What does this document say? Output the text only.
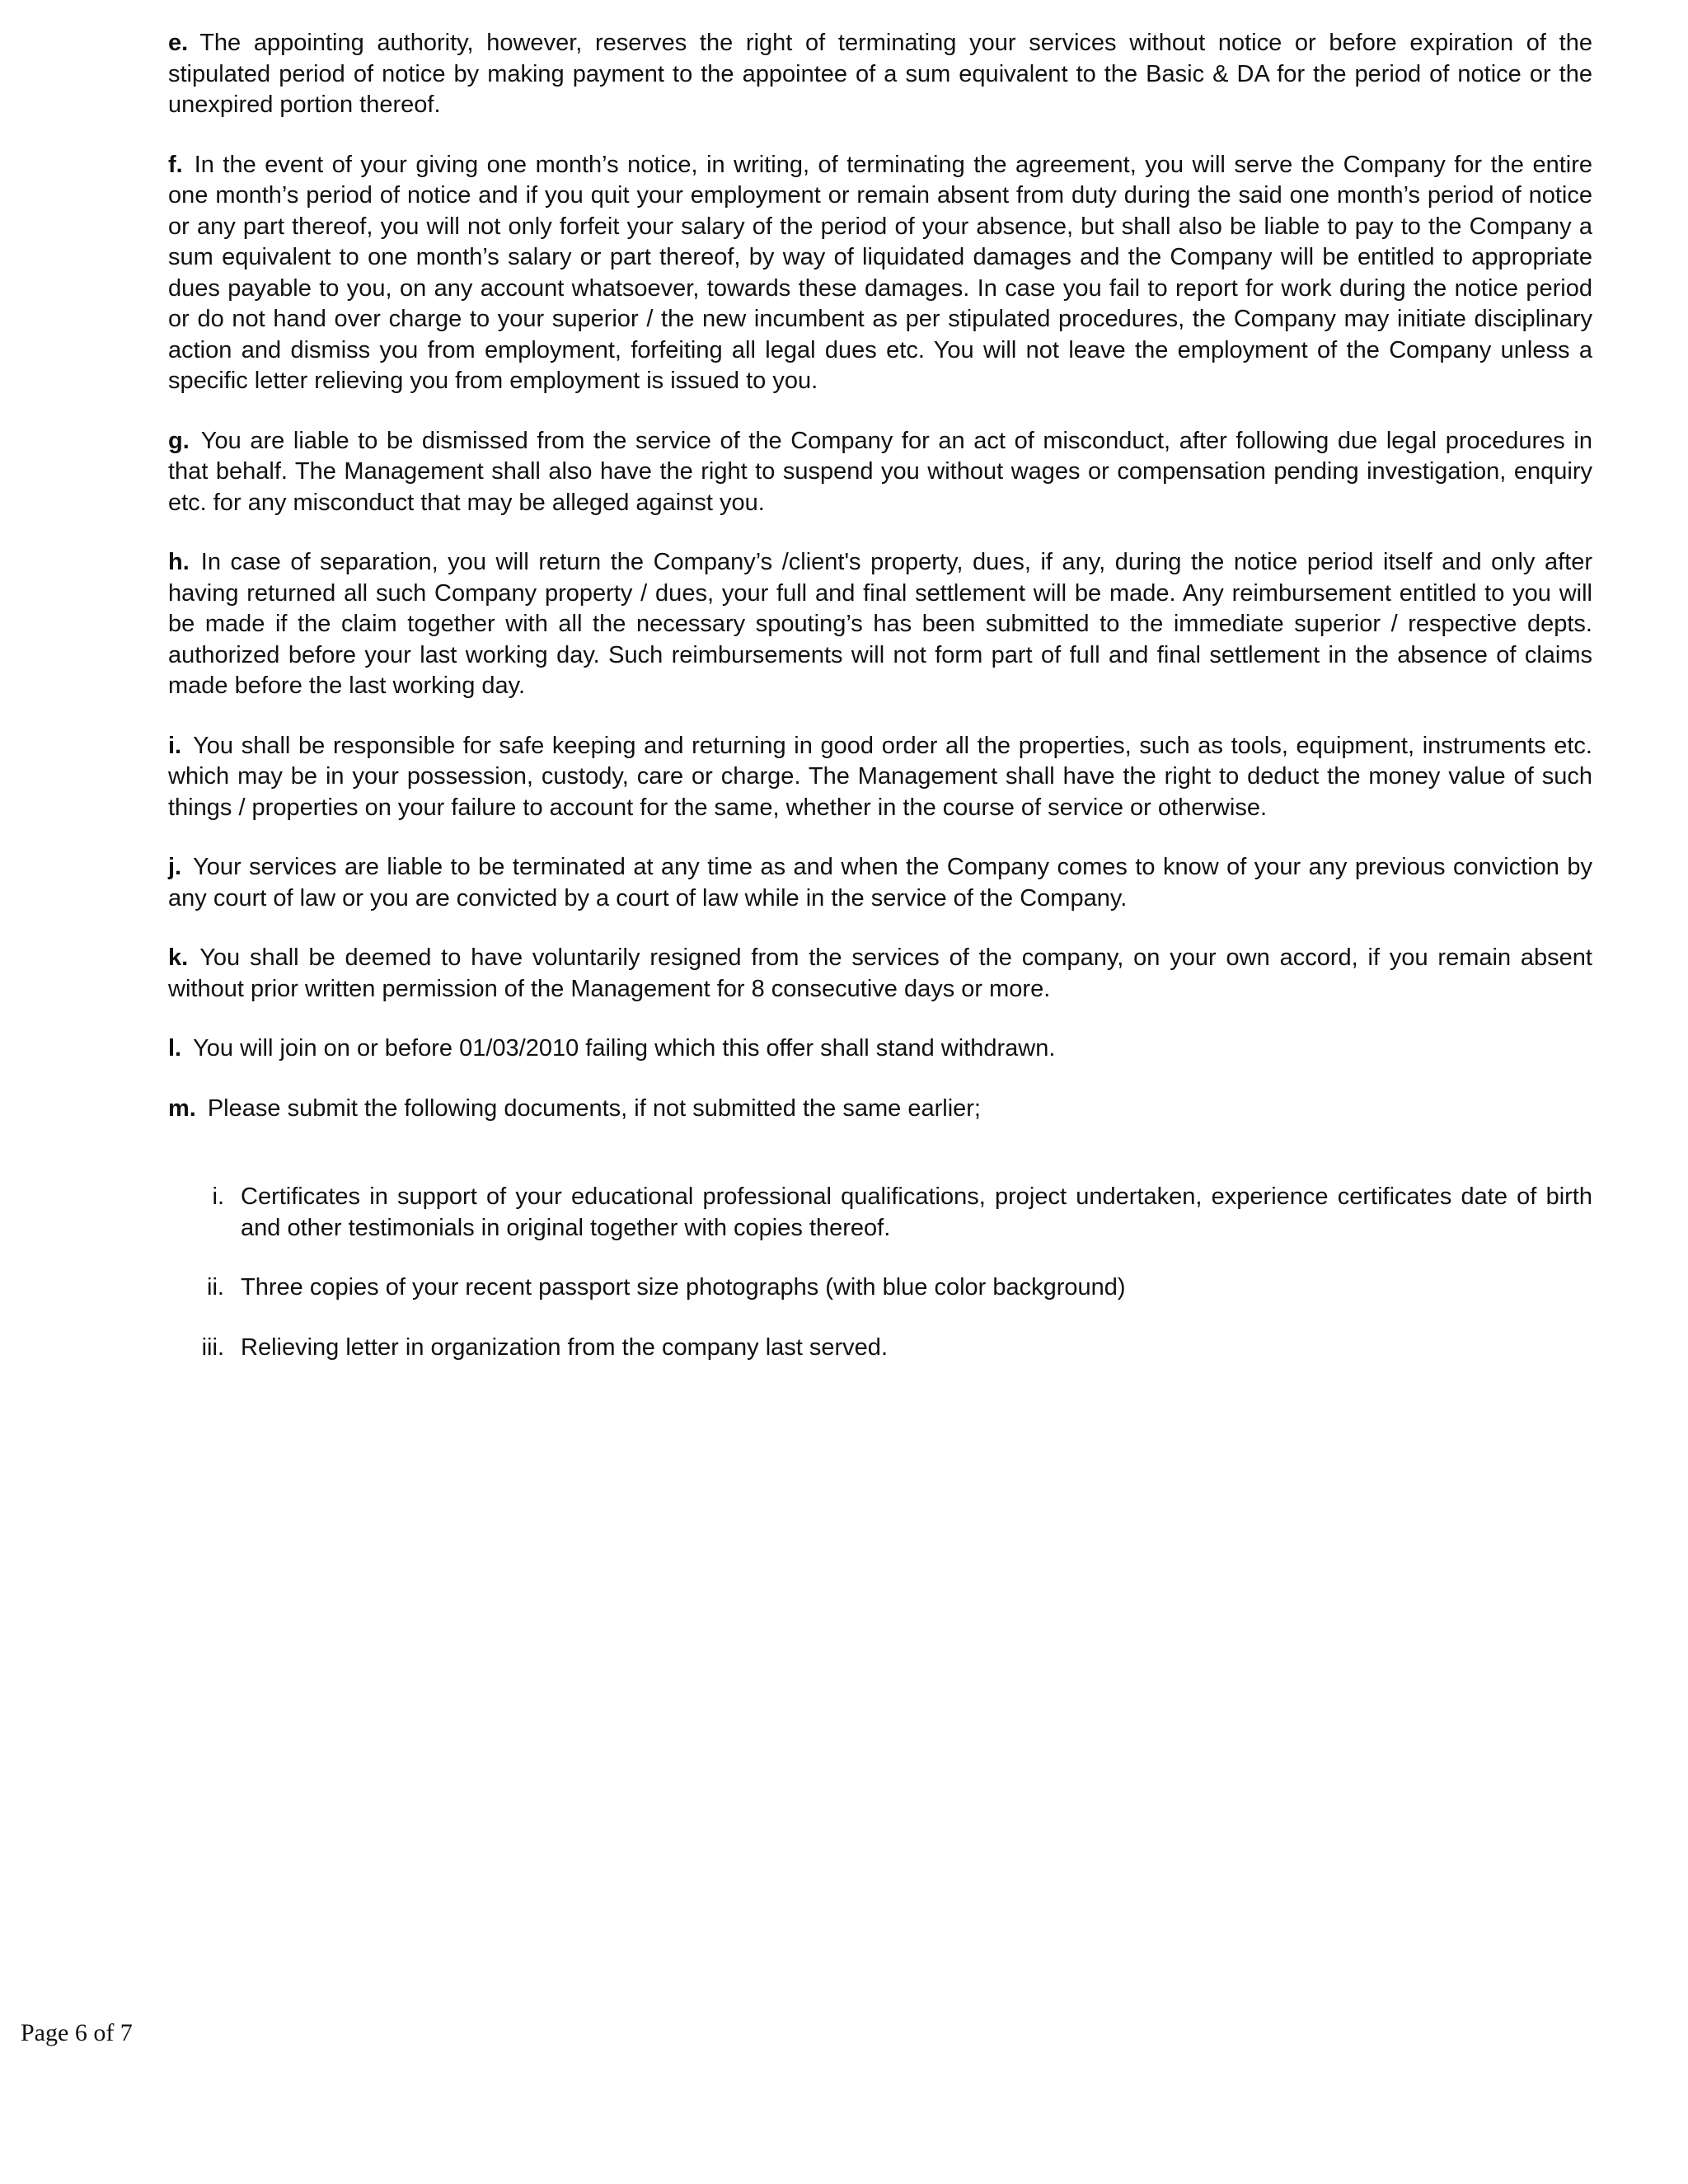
e. The appointing authority, however, reserves the right of terminating your services without notice or before expiration of the stipulated period of notice by making payment to the appointee of a sum equivalent to the Basic & DA for the period of notice or the unexpired portion thereof.

f. In the event of your giving one month’s notice, in writing, of terminating the agreement, you will serve the Company for the entire one month’s period of notice and if you quit your employment or remain absent from duty during the said one month’s period of notice or any part thereof, you will not only forfeit your salary of the period of your absence, but shall also be liable to pay to the Company a sum equivalent to one month’s salary or part thereof, by way of liquidated damages and the Company will be entitled to appropriate dues payable to you, on any account whatsoever, towards these damages. In case you fail to report for work during the notice period or do not hand over charge to your superior / the new incumbent as per stipulated procedures, the Company may initiate disciplinary action and dismiss you from employment, forfeiting all legal dues etc. You will not leave the employment of the Company unless a specific letter relieving you from employment is issued to you.

g. You are liable to be dismissed from the service of the Company for an act of misconduct, after following due legal procedures in that behalf. The Management shall also have the right to suspend you without wages or compensation pending investigation, enquiry etc. for any misconduct that may be alleged against you.

h. In case of separation, you will return the Company’s /client's property, dues, if any, during the notice period itself and only after having returned all such Company property / dues, your full and final settlement will be made. Any reimbursement entitled to you will be made if the claim together with all the necessary spouting’s has been submitted to the immediate superior / respective depts. authorized before your last working day. Such reimbursements will not form part of full and final settlement in the absence of claims made before the last working day.

i. You shall be responsible for safe keeping and returning in good order all the properties, such as tools, equipment, instruments etc. which may be in your possession, custody, care or charge. The Management shall have the right to deduct the money value of such things / properties on your failure to account for the same, whether in the course of service or otherwise.

j. Your services are liable to be terminated at any time as and when the Company comes to know of your any previous conviction by any court of law or you are convicted by a court of law while in the service of the Company.

k. You shall be deemed to have voluntarily resigned from the services of the company, on your own accord, if you remain absent without prior written permission of the Management for 8 consecutive days or more.

l. You will join on or before 01/03/2010 failing which this offer shall stand withdrawn.

m. Please submit the following documents, if not submitted the same earlier;

i. Certificates in support of your educational professional qualifications, project undertaken, experience certificates date of birth and other testimonials in original together with copies thereof.
ii. Three copies of your recent passport size photographs (with blue color background)
iii. Relieving letter in organization from the company last served.
Page 6 of 7
